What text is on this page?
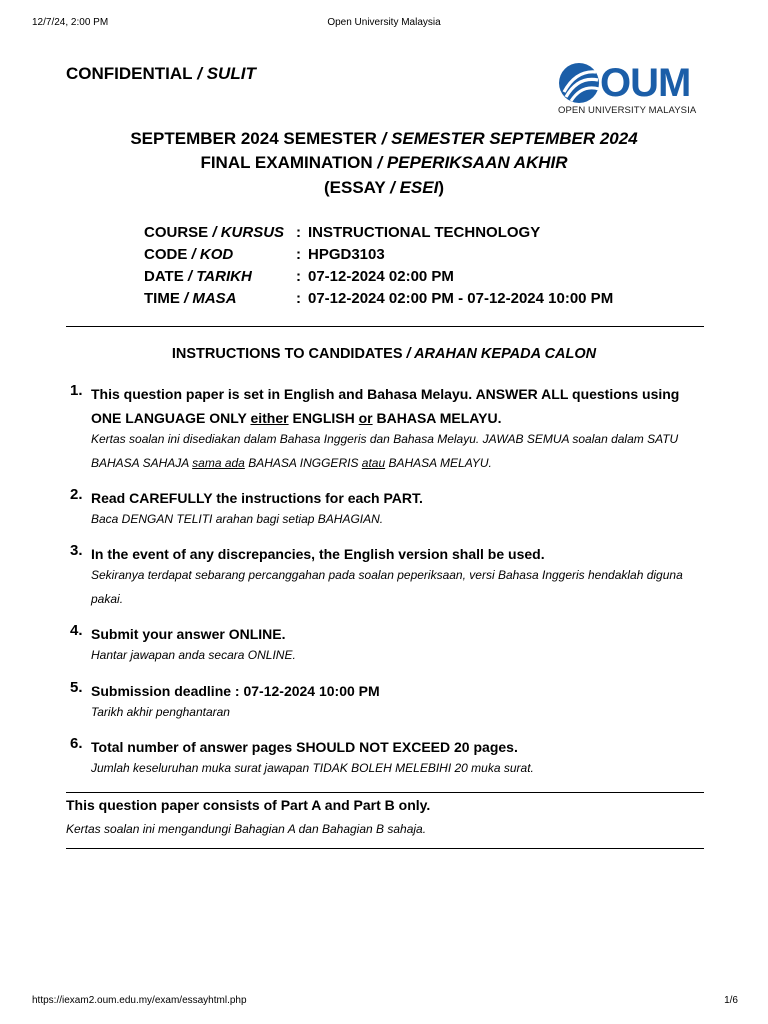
12/7/24, 2:00 PM	Open University Malaysia
CONFIDENTIAL / SULIT	OUM
OPEN UNIVERSITY MALAYSIA
SEPTEMBER 2024 SEMESTER / SEMESTER SEPTEMBER 2024
FINAL EXAMINATION / PEPERIKSAAN AKHIR
(ESSAY / ESEI)
COURSE / KURSUS : INSTRUCTIONAL TECHNOLOGY
CODE / KOD	: HPGD3103
DATE / TARIKH	: 07-12-2024 02:00 PM
TIME / MASA	: 07-12-2024 02:00 PM - 07-12-2024 10:00 PM
INSTRUCTIONS TO CANDIDATES / ARAHAN KEPADA CALON
1. This question paper is set in English and Bahasa Melayu. ANSWER ALL questions using ONE LANGUAGE ONLY either ENGLISH or BAHASA MELAYU.
Kertas soalan ini disediakan dalam Bahasa Inggeris dan Bahasa Melayu. JAWAB SEMUA soalan dalam SATU BAHASA SAHAJA sama ada BAHASA INGGERIS atau BAHASA MELAYU.
2. Read CAREFULLY the instructions for each PART.
Baca DENGAN TELITI arahan bagi setiap BAHAGIAN.
3. In the event of any discrepancies, the English version shall be used.
Sekiranya terdapat sebarang percanggahan pada soalan peperiksaan, versi Bahasa Inggeris hendaklah diguna pakai.
4. Submit your answer ONLINE.
Hantar jawapan anda secara ONLINE.
5. Submission deadline : 07-12-2024 10:00 PM
Tarikh akhir penghantaran
6. Total number of answer pages SHOULD NOT EXCEED 20 pages.
Jumlah keseluruhan muka surat jawapan TIDAK BOLEH MELEBIHI 20 muka surat.
This question paper consists of Part A and Part B only.
Kertas soalan ini mengandungi Bahagian A dan Bahagian B sahaja.
https://iexam2.oum.edu.my/exam/essayhtml.php	1/6
